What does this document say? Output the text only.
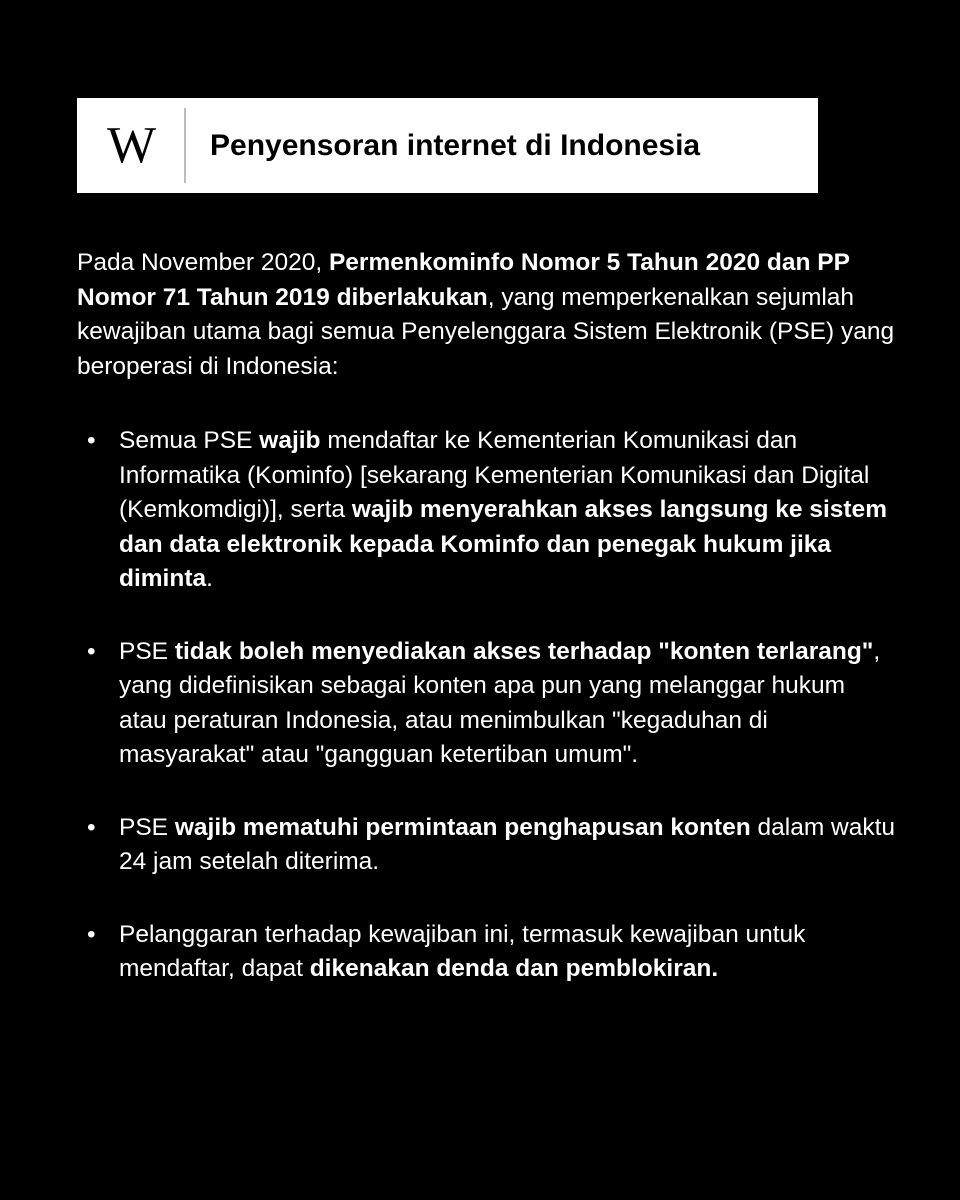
W Penyensoran internet di Indonesia

Pada November 2020, Permenkominfo Nomor 5 Tahun 2020 dan PP Nomor 71 Tahun 2019 diberlakukan, yang memperkenalkan sejumlah kewajiban utama bagi semua Penyelenggara Sistem Elektronik (PSE) yang beroperasi di Indonesia:

• Semua PSE wajib mendaftar ke Kementerian Komunikasi dan Informatika (Kominfo) [sekarang Kementerian Komunikasi dan Digital (Kemkomdigi)], serta wajib menyerahkan akses langsung ke sistem dan data elektronik kepada Kominfo dan penegak hukum jika diminta.
• PSE tidak boleh menyediakan akses terhadap "konten terlarang", yang didefinisikan sebagai konten apa pun yang melanggar hukum atau peraturan Indonesia, atau menimbulkan "kegaduhan di masyarakat" atau "gangguan ketertiban umum".
• PSE wajib mematuhi permintaan penghapusan konten dalam waktu 24 jam setelah diterima.
• Pelanggaran terhadap kewajiban ini, termasuk kewajiban untuk mendaftar, dapat dikenakan denda dan pemblokiran.
